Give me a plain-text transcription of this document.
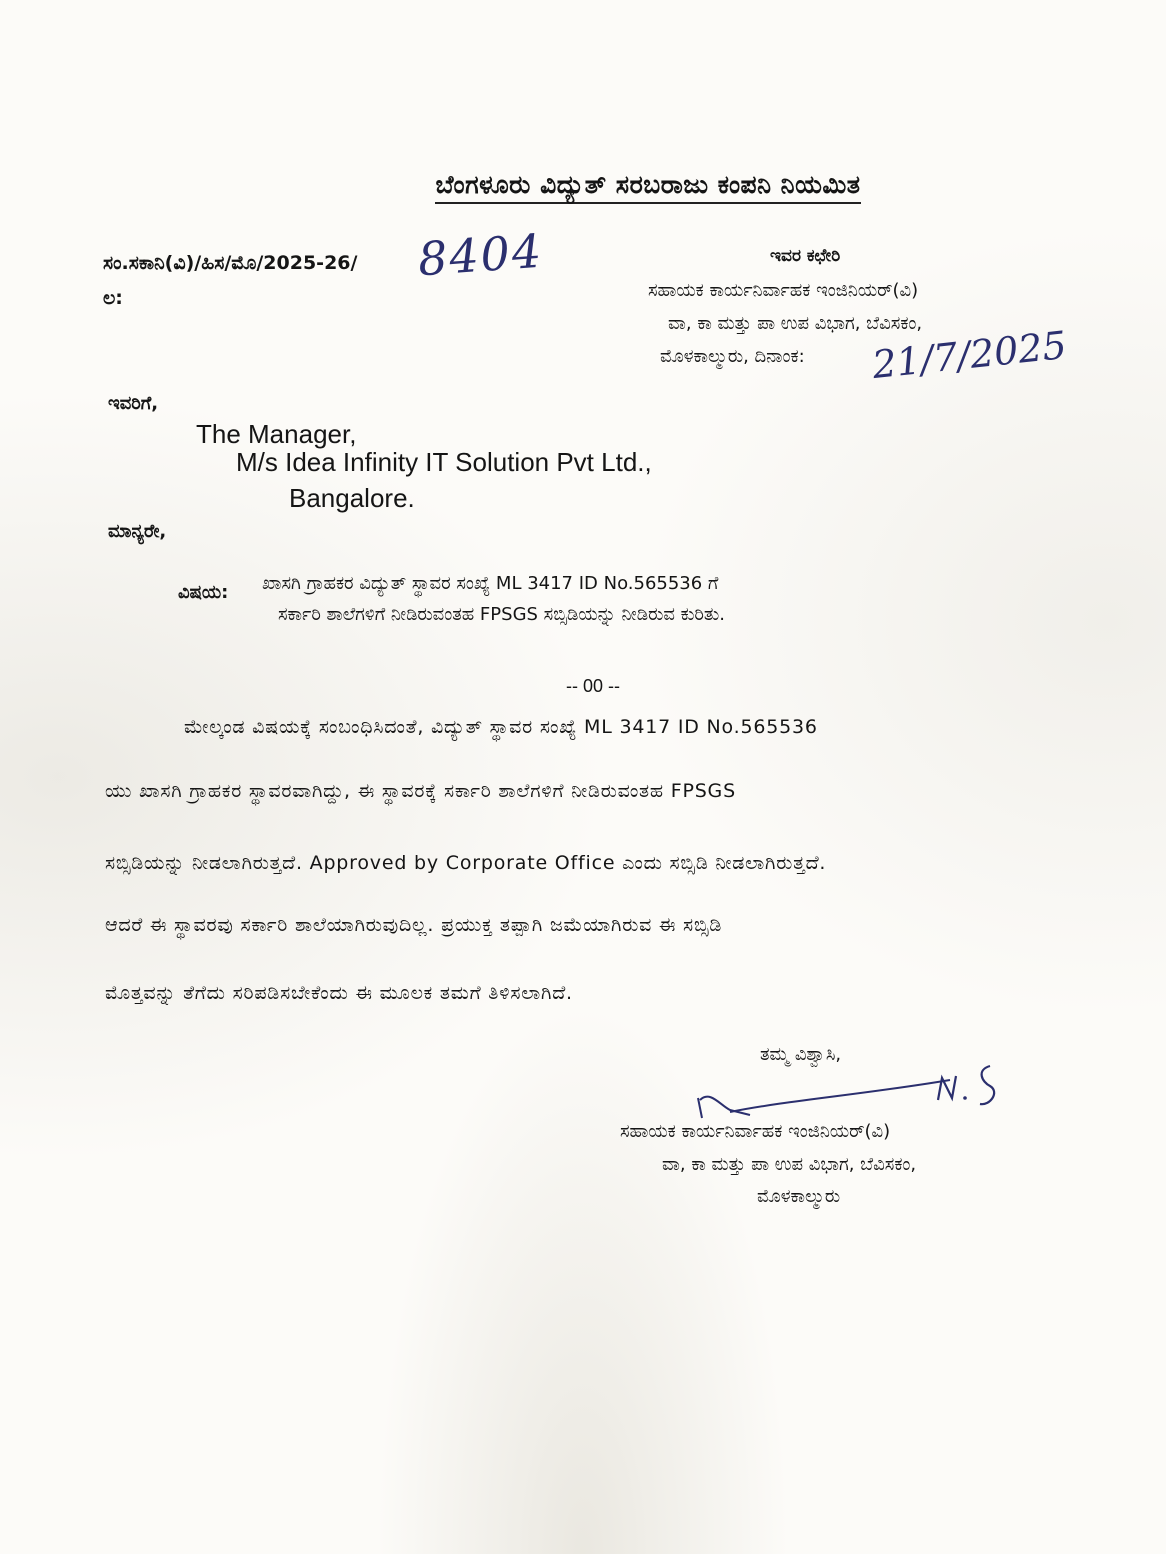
ಬೆಂಗಳೂರು ವಿದ್ಯುತ್ ಸರಬರಾಜು ಕಂಪನಿ ನಿಯಮಿತ
ಸಂ.ಸಕಾನಿ(ವಿ)/ಹಿಸ/ಮೊ/2025-26/ 8404
ಲ:
ಇವರ ಕಛೇರಿ
ಸಹಾಯಕ ಕಾರ್ಯನಿರ್ವಾಹಕ ಇಂಜಿನಿಯರ್(ವಿ)
ವಾ, ಕಾ ಮತ್ತು ಪಾ ಉಪ ವಿಭಾಗ, ಬೆವಿಸಕಂ,
ಮೊಳಕಾಲ್ಮುರು, ದಿನಾಂಕ: 21/7/2025
ಇವರಿಗೆ,
The Manager,
M/s Idea Infinity IT Solution Pvt Ltd.,
Bangalore.
ಮಾನ್ಯರೇ,
ವಿಷಯ: ಖಾಸಗಿ ಗ್ರಾಹಕರ ವಿದ್ಯುತ್ ಸ್ಥಾವರ ಸಂಖ್ಯೆ ML 3417 ID No.565536 ಗೆ
ಸರ್ಕಾರಿ ಶಾಲೆಗಳಿಗೆ ನೀಡಿರುವಂತಹ FPSGS ಸಬ್ಸಿಡಿಯನ್ನು ನೀಡಿರುವ ಕುರಿತು.
-- 00 --
ಮೇಲ್ಕಂಡ ವಿಷಯಕ್ಕೆ ಸಂಬಂಧಿಸಿದಂತೆ, ವಿದ್ಯುತ್ ಸ್ಥಾವರ ಸಂಖ್ಯೆ ML 3417 ID No.565536
ಯು ಖಾಸಗಿ ಗ್ರಾಹಕರ ಸ್ಥಾವರವಾಗಿದ್ದು, ಈ ಸ್ಥಾವರಕ್ಕೆ ಸರ್ಕಾರಿ ಶಾಲೆಗಳಿಗೆ ನೀಡಿರುವಂತಹ FPSGS
ಸಬ್ಸಿಡಿಯನ್ನು ನೀಡಲಾಗಿರುತ್ತದೆ. Approved by Corporate Office ಎಂದು ಸಬ್ಸಿಡಿ ನೀಡಲಾಗಿರುತ್ತದೆ.
ಆದರೆ ಈ ಸ್ಥಾವರವು ಸರ್ಕಾರಿ ಶಾಲೆಯಾಗಿರುವುದಿಲ್ಲ. ಪ್ರಯುಕ್ತ ತಪ್ಪಾಗಿ ಜಮೆಯಾಗಿರುವ ಈ ಸಬ್ಸಿಡಿ
ಮೊತ್ತವನ್ನು ತೆಗೆದು ಸರಿಪಡಿಸಬೇಕೆಂದು ಈ ಮೂಲಕ ತಮಗೆ ತಿಳಿಸಲಾಗಿದೆ.
ತಮ್ಮ ವಿಶ್ವಾಸಿ,
ಸಹಾಯಕ ಕಾರ್ಯನಿರ್ವಾಹಕ ಇಂಜಿನಿಯರ್(ವಿ)
ವಾ, ಕಾ ಮತ್ತು ಪಾ ಉಪ ವಿಭಾಗ, ಬೆವಿಸಕಂ,
ಮೊಳಕಾಲ್ಮುರು
